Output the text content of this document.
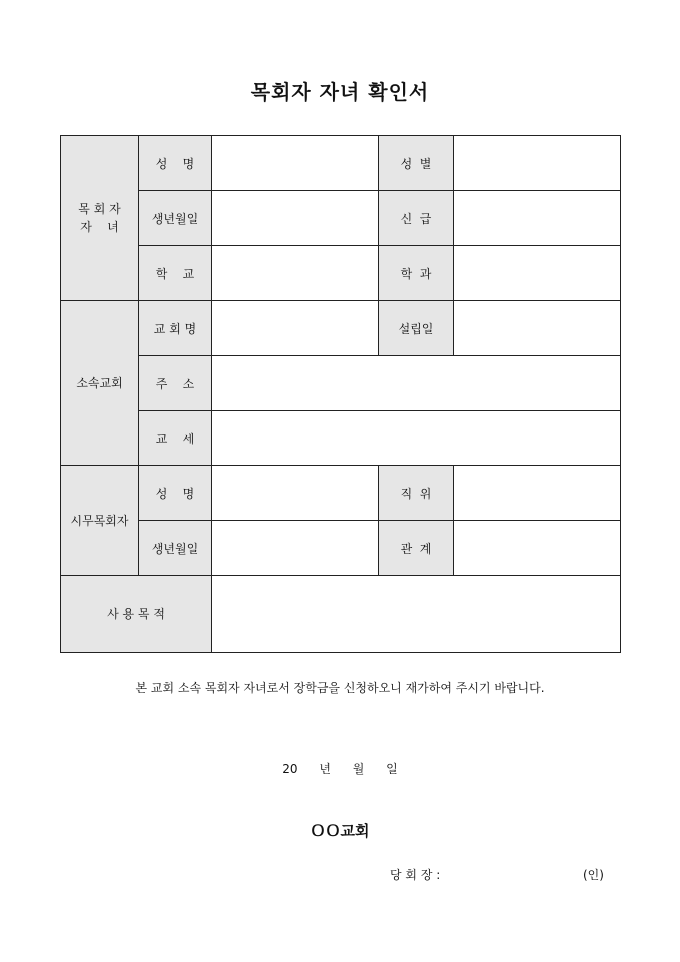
목회자 자녀 확인서
목 회 자
자    녀	성    명		성  별	
	생년월일		신  급	
	학    교		학  과	
소속교회	교 회 명		설립일	
	주    소			
	교    세			
시무목회자	성    명		직  위	
	생년월일		관  계	
사 용 목 적				
본 교회 소속 목회자 자녀로서 장학금을 신청하오니 재가하여 주시기 바랍니다.
20 년 월 일
ＯＯ교회
당 회 장 :	(인)
